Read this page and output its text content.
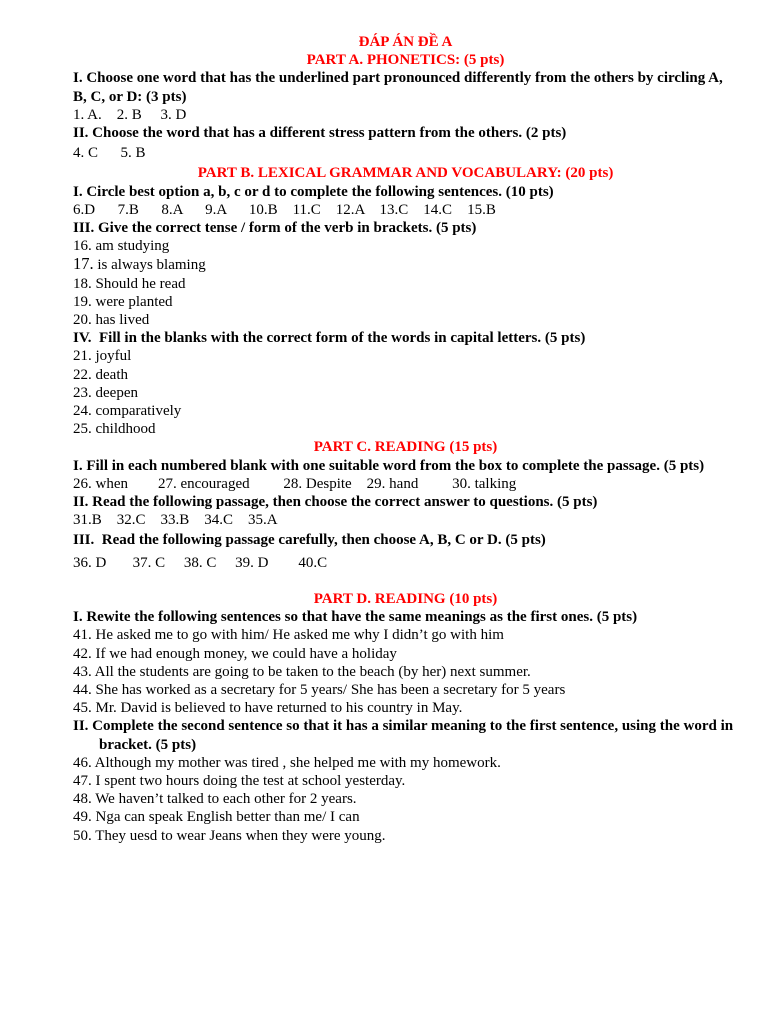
ĐÁP ÁN ĐỀ A
PART A. PHONETICS: (5 pts)
I. Choose one word that has the underlined part pronounced differently from the others by circling A, B, C, or D: (3 pts)
1. A.    2. B     3. D
II. Choose the word that has a different stress pattern from the others. (2 pts)
4. C      5. B
PART B. LEXICAL GRAMMAR AND VOCABULARY: (20 pts)
I. Circle best option a, b, c or d to complete the following sentences. (10 pts)
6.D      7.B      8.A      9.A      10.B    11.C    12.A    13.C    14.C    15.B
III. Give the correct tense / form of the verb in brackets. (5 pts)
16. am studying
17. is always blaming
18. Should he read
19. were planted
20. has lived
IV.  Fill in the blanks with the correct form of the words in capital letters. (5 pts)
21. joyful
22. death
23. deepen
24. comparatively
25. childhood
PART C. READING (15 pts)
I. Fill in each numbered blank with one suitable word from the box to complete the passage. (5 pts)
26. when        27. encouraged         28. Despite    29. hand         30. talking
II. Read the following passage, then choose the correct answer to questions. (5 pts)
31.B    32.C    33.B    34.C    35.A
III.  Read the following passage carefully, then choose A, B, C or D. (5 pts)
36. D       37. C     38. C     39. D        40.C
PART D. READING (10 pts)
I. Rewite the following sentences so that have the same meanings as the first ones. (5 pts)
41. He asked me to go with him/ He asked me why I didn’t go with him
42. If we had enough money, we could have a holiday
43. All the students are going to be taken to the beach (by her) next summer.
44. She has worked as a secretary for 5 years/ She has been a secretary for 5 years
45. Mr. David is believed to have returned to his country in May.
II. Complete the second sentence so that it has a similar meaning to the first sentence, using the word in bracket. (5 pts)
46. Although my mother was tired , she helped me with my homework.
47. I spent two hours doing the test at school yesterday.
48. We haven’t talked to each other for 2 years.
49. Nga can speak English better than me/ I can
50. They uesd to wear Jeans when they were young.
